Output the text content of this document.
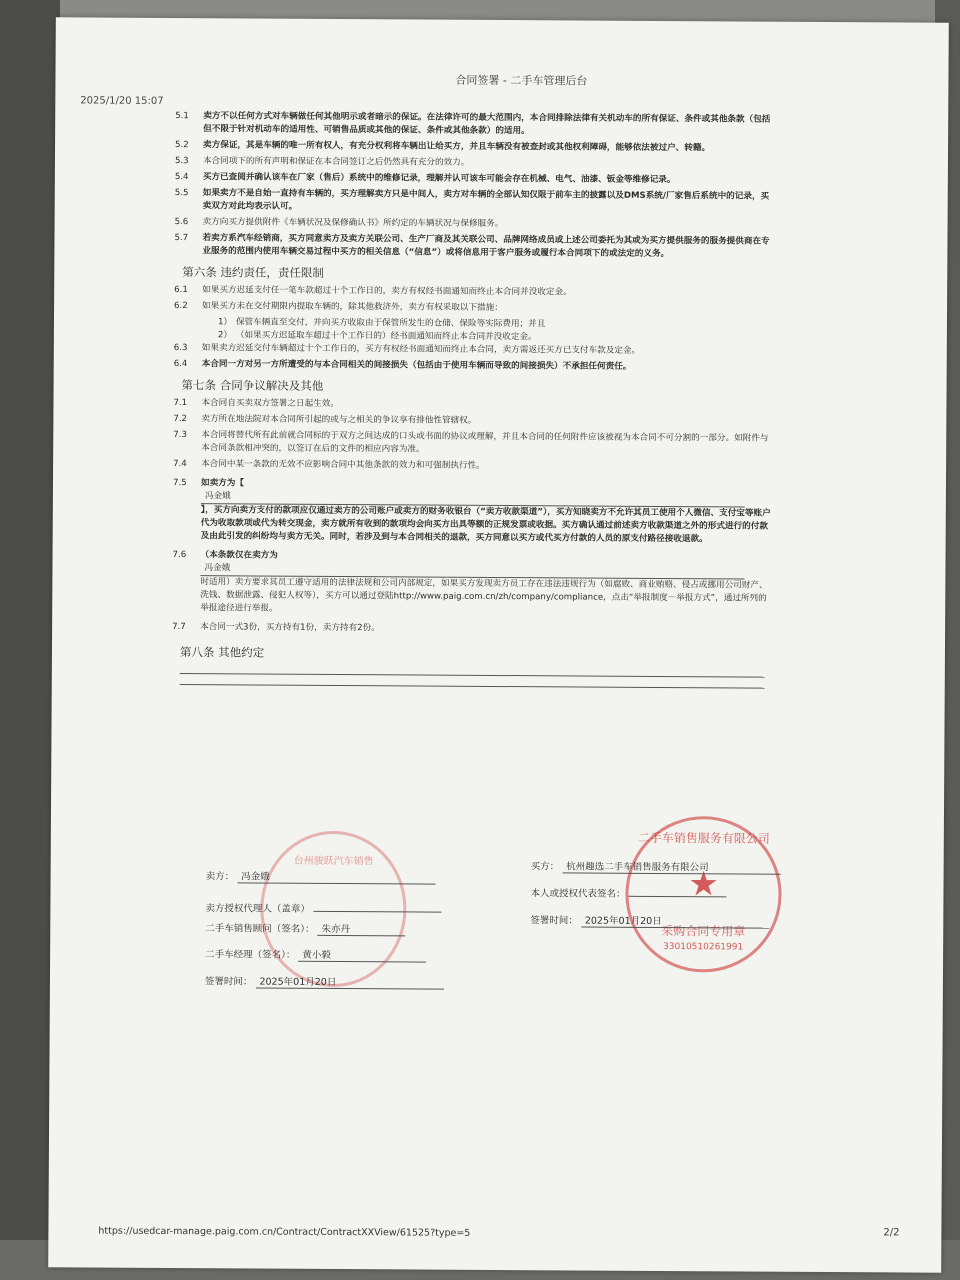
2025/1/20 15:07
合同签署 - 二手车管理后台
5.1 卖方不以任何方式对车辆做任何其他明示或者暗示的保证。在法律许可的最大范围内，本合同排除法律有关机动车的所有保证、条件或其他条款（包括但不限于针对机动车的适用性、可销售品质或其他的保证、条件或其他条款）的适用。
5.2 卖方保证，其是车辆的唯一所有权人，有充分权利将车辆出让给买方，并且车辆没有被查封或其他权利障碍，能够依法被过户、转籍。
5.3 本合同项下的所有声明和保证在本合同签订之后仍然具有充分的效力。
5.4 买方已查阅并确认该车在厂家（售后）系统中的维修记录，理解并认可该车可能会存在机械、电气、油漆、钣金等维修记录。
5.5 如果卖方不是自始一直持有车辆的，买方理解卖方只是中间人，卖方对车辆的全部认知仅限于前车主的披露以及DMS系统/厂家售后系统中的记录，买卖双方对此均表示认可。
5.6 卖方向买方提供附件《车辆状况及保修确认书》所约定的车辆状况与保修服务。
5.7 若卖方系汽车经销商，买方同意卖方及卖方关联公司、生产厂商及其关联公司、品牌网络成员或上述公司委托为其或为买方提供服务的服务提供商在专业服务的范围内使用车辆交易过程中买方的相关信息（“信息”）或将信息用于客户服务或履行本合同项下的或法定的义务。
第六条 违约责任，责任限制
6.1 如果买方迟延支付任一笔车款超过十个工作日的，卖方有权经书面通知而终止本合同并没收定金。
6.2 如果买方未在交付期限内提取车辆的，除其他救济外，卖方有权采取以下措施：
1） 保管车辆直至交付，并向买方收取由于保管所发生的仓储、保险等实际费用；并且
2） （如果买方迟延取车超过十个工作日的）经书面通知而终止本合同并没收定金。
6.3 如果卖方迟延交付车辆超过十个工作日的，买方有权经书面通知而终止本合同，卖方需返还买方已支付车款及定金。
6.4 本合同一方对另一方所遭受的与本合同相关的间接损失（包括由于使用车辆而导致的间接损失）不承担任何责任。
第七条 合同争议解决及其他
7.1 本合同自买卖双方签署之日起生效。
7.2 卖方所在地法院对本合同所引起的或与之相关的争议享有排他性管辖权。
7.3 本合同将替代所有此前就合同标的于双方之间达成的口头或书面的协议或理解，并且本合同的任何附件应该被视为本合同不可分割的一部分。如附件与本合同条款相冲突的，以签订在后的文件的相应内容为准。
7.4 本合同中某一条款的无效不应影响合同中其他条款的效力和可强制执行性。
7.5 如卖方为【
冯金娥
】，买方向卖方支付的款项应仅通过卖方的公司账户或卖方的财务收银台（“卖方收款渠道”），买方知晓卖方不允许其员工使用个人微信、支付宝等账户代为收取款项或代为转交现金，卖方就所有收到的款项均会向买方出具等额的正规发票或收据。买方确认通过前述卖方收款渠道之外的形式进行的付款及由此引发的纠纷均与卖方无关。同时，若涉及到与本合同相关的退款，买方同意以买方或代买方付款的人员的原支付路径接收退款。
7.6 （本条款仅在卖方为
冯金娥
时适用）卖方要求其员工遵守适用的法律法规和公司内部规定，如果买方发现卖方员工存在违法违规行为（如腐败、商业贿赂、侵占或挪用公司财产、洗钱、数据泄露、侵犯人权等），买方可以通过登陆http://www.paig.com.cn/zh/company/compliance，点击“举报制度－举报方式”，通过所列的举报途径进行举报。
7.7 本合同一式3份，买方持有1份，卖方持有2份。
第八条 其他约定
台州骏跃汽车销售
卖方： 冯金娥
卖方授权代理人（盖章）
二手车销售顾问（签名）： 朱亦丹
二手车经理（签名）： 黄小毅
签署时间： 2025年01月20日
二手车销售服务有限公司
★
采购合同专用章
33010510261991
买方： 杭州趣选二手车销售服务有限公司
本人或授权代表签名：
签署时间： 2025年01月20日
https://usedcar-manage.paig.com.cn/Contract/ContractXXView/61525?type=5	2/2
